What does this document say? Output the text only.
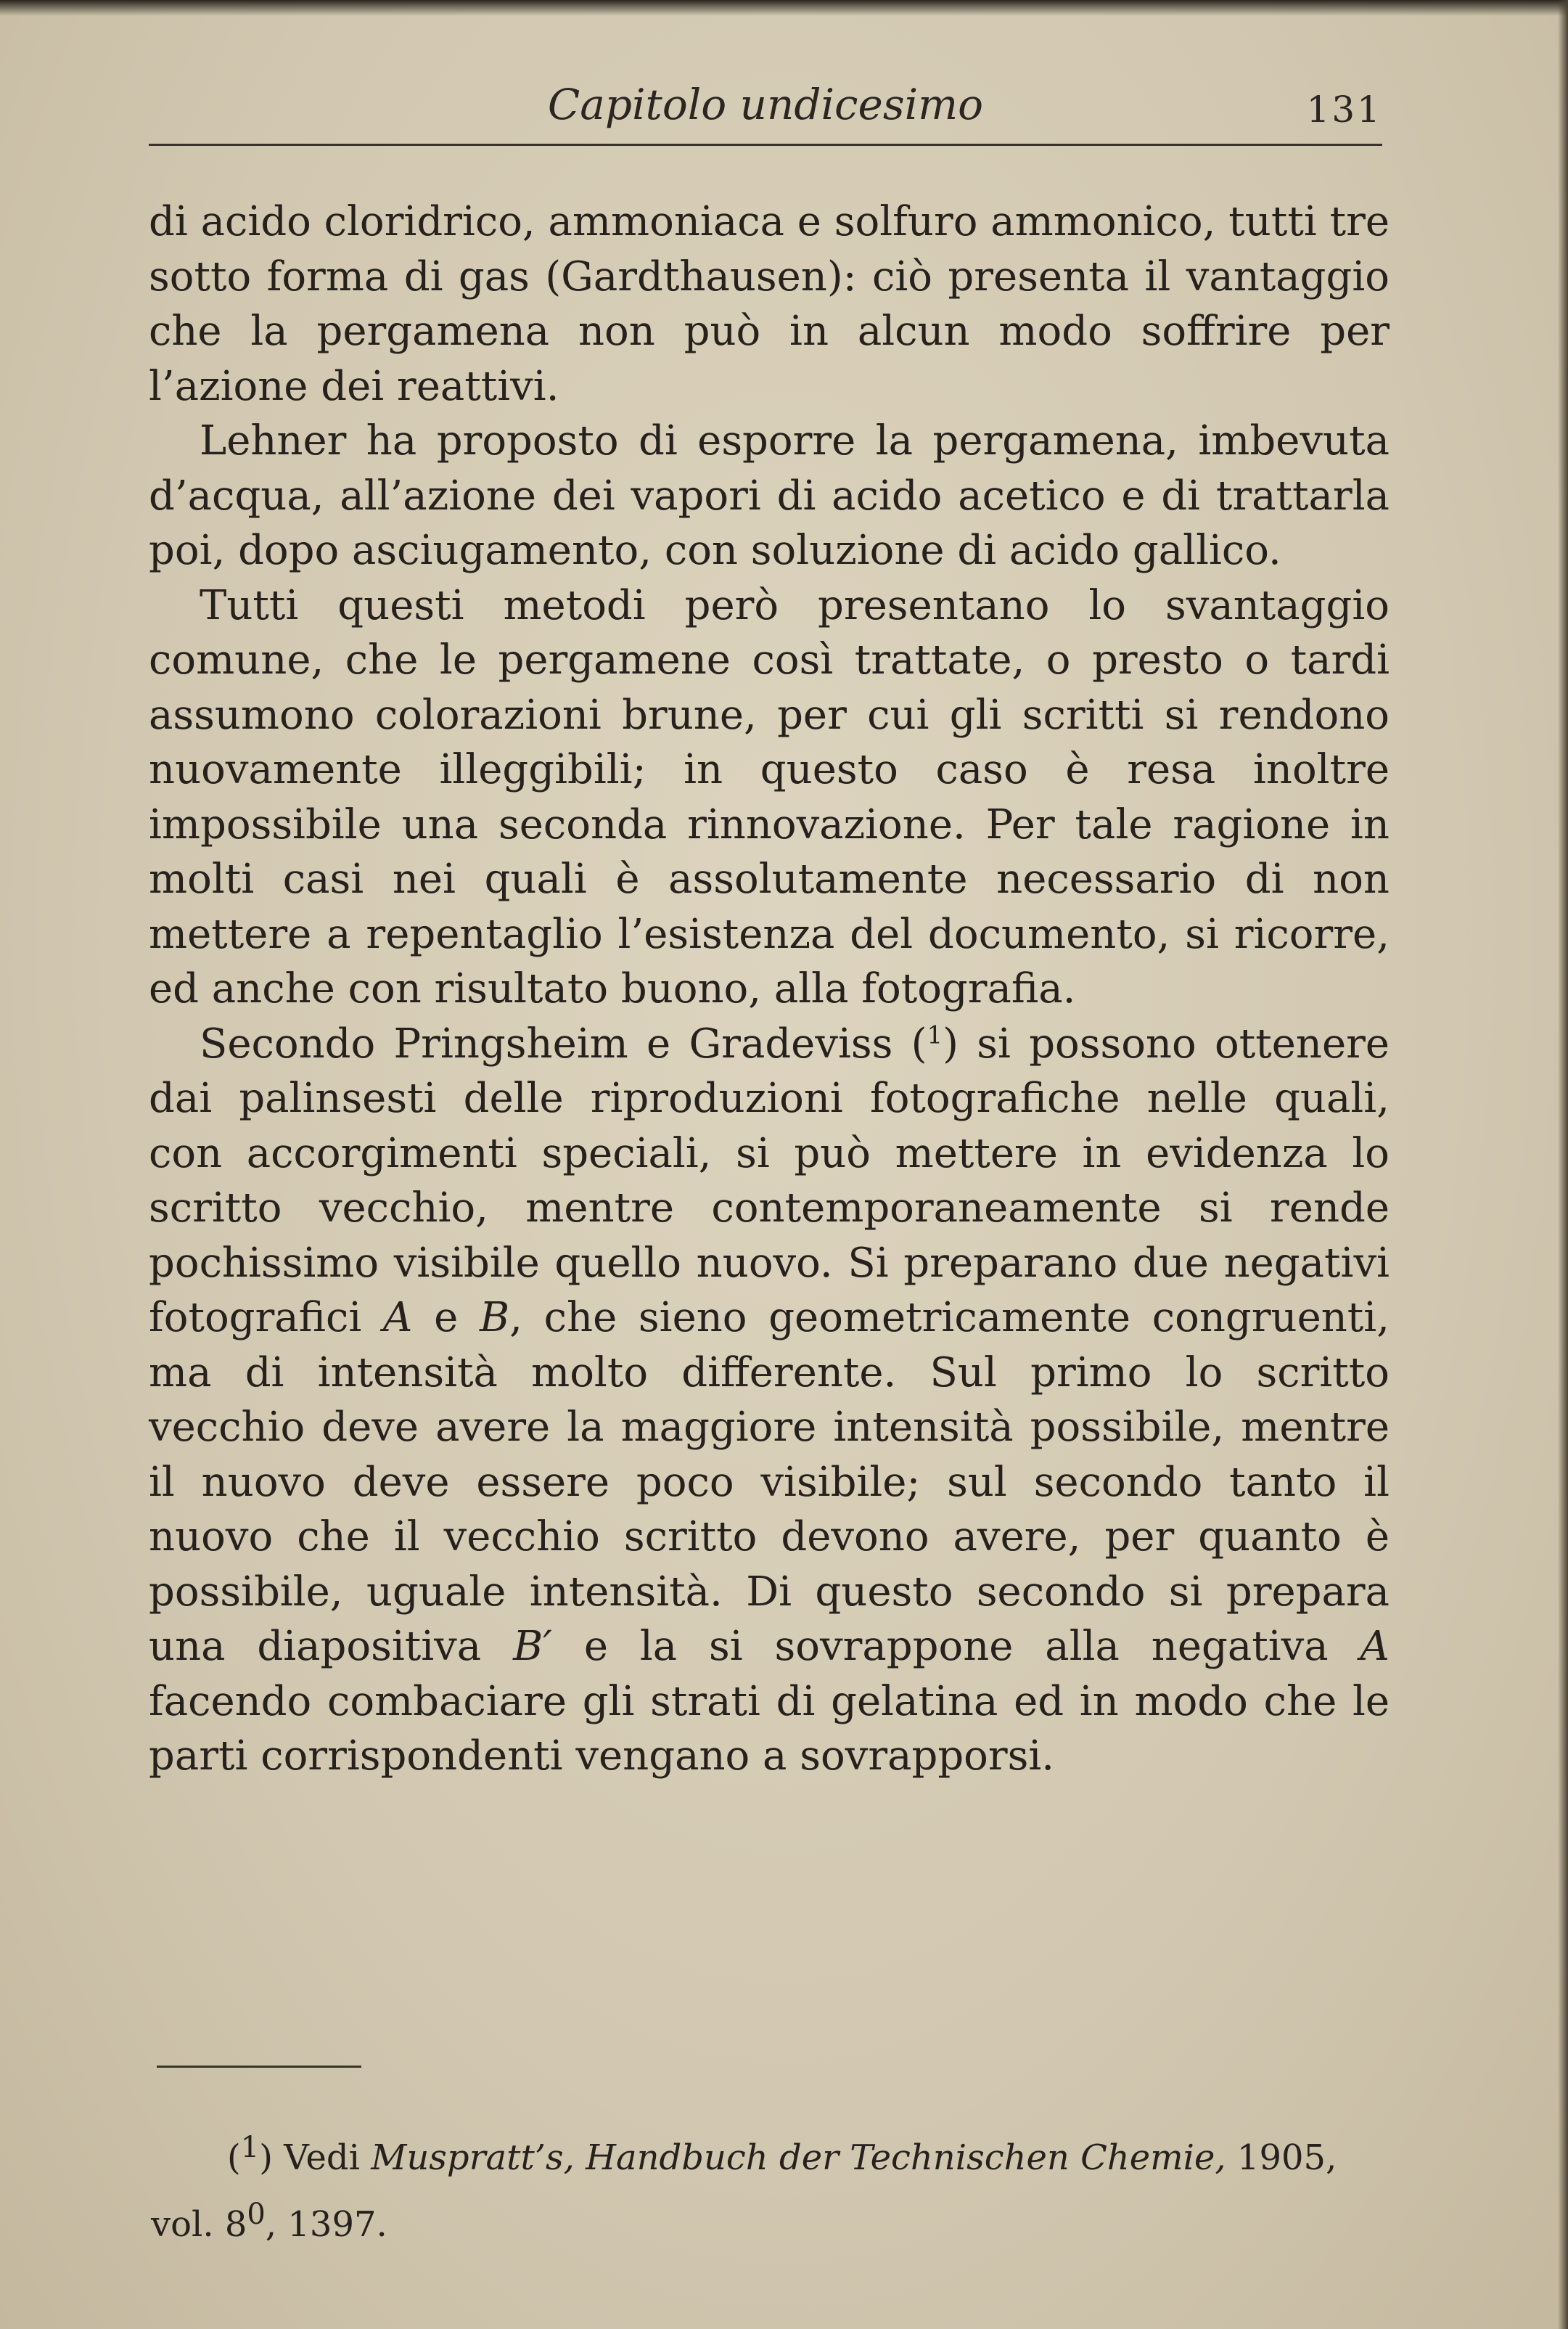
Capitolo undicesimo	131

di acido cloridrico, ammoniaca e solfuro ammonico, tutti tre sotto forma di gas (Gardthausen): ciò presenta il vantaggio che la pergamena non può in alcun modo soffrire per l’azione dei reattivi.

Lehner ha proposto di esporre la pergamena, imbevuta d’acqua, all’azione dei vapori di acido acetico e di trattarla poi, dopo asciugamento, con soluzione di acido gallico.

Tutti questi metodi però presentano lo svantaggio comune, che le pergamene così trattate, o presto o tardi assumono colorazioni brune, per cui gli scritti si rendono nuovamente illeggibili; in questo caso è resa inoltre impossibile una seconda rinnovazione. Per tale ragione in molti casi nei quali è assolutamente necessario di non mettere a repentaglio l’esistenza del documento, si ricorre, ed anche con risultato buono, alla fotografia.

Secondo Pringsheim e Gradeviss ($^1$) si possono ottenere dai palinsesti delle riproduzioni fotografiche nelle quali, con accorgimenti speciali, si può mettere in evidenza lo scritto vecchio, mentre contemporaneamente si rende pochissimo visibile quello nuovo. Si preparano due negativi fotografici A e B, che sieno geometricamente congruenti, ma di intensità molto differente. Sul primo lo scritto vecchio deve avere la maggiore intensità possibile, mentre il nuovo deve essere poco visibile; sul secondo tanto il nuovo che il vecchio scritto devono avere, per quanto è possibile, uguale intensità. Di questo secondo si prepara una diapositiva B′ e la si sovrappone alla negativa A facendo combaciare gli strati di gelatina ed in modo che le parti corrispondenti vengano a sovrapporsi.

($^1$) Vedi Muspratt’s, Handbuch der Technischen Chemie, 1905,
vol. $8^0$, 1397.
